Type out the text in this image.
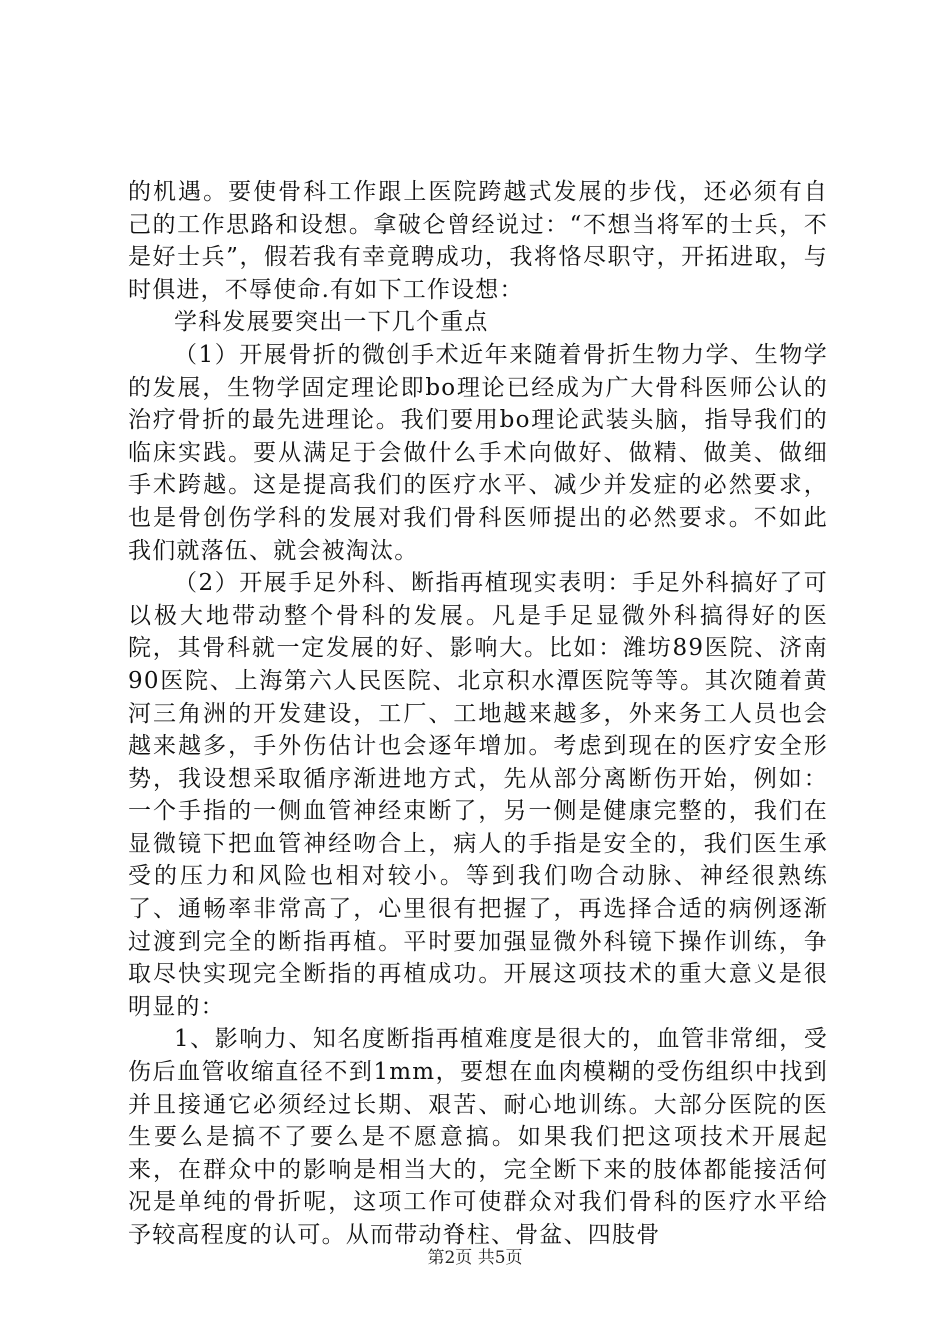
的机遇。要使骨科工作跟上医院跨越式发展的步伐，还必须有自己的工作思路和设想。拿破仑曾经说过：“不想当将军的士兵，不是好士兵”，假若我有幸竟聘成功，我将恪尽职守，开拓进取，与时俱进，不辱使命.有如下工作设想：

学科发展要突出一下几个重点

（1）开展骨折的微创手术近年来随着骨折生物力学、生物学的发展，生物学固定理论即bo理论已经成为广大骨科医师公认的治疗骨折的最先进理论。我们要用bo理论武装头脑，指导我们的临床实践。要从满足于会做什么手术向做好、做精、做美、做细手术跨越。这是提高我们的医疗水平、减少并发症的必然要求，也是骨创伤学科的发展对我们骨科医师提出的必然要求。不如此我们就落伍、就会被淘汰。

（2）开展手足外科、断指再植现实表明：手足外科搞好了可以极大地带动整个骨科的发展。凡是手足显微外科搞得好的医院，其骨科就一定发展的好、影响大。比如：潍坊89医院、济南90医院、上海第六人民医院、北京积水潭医院等等。其次随着黄河三角洲的开发建设，工厂、工地越来越多，外来务工人员也会越来越多，手外伤估计也会逐年增加。考虑到现在的医疗安全形势，我设想采取循序渐进地方式，先从部分离断伤开始，例如：一个手指的一侧血管神经束断了，另一侧是健康完整的，我们在显微镜下把血管神经吻合上，病人的手指是安全的，我们医生承受的压力和风险也相对较小。等到我们吻合动脉、神经很熟练了、通畅率非常高了，心里很有把握了，再选择合适的病例逐渐过渡到完全的断指再植。平时要加强显微外科镜下操作训练，争取尽快实现完全断指的再植成功。开展这项技术的重大意义是很明显的：

1、影响力、知名度断指再植难度是很大的，血管非常细，受伤后血管收缩直径不到1mm，要想在血肉模糊的受伤组织中找到并且接通它必须经过长期、艰苦、耐心地训练。大部分医院的医生要么是搞不了要么是不愿意搞。如果我们把这项技术开展起来，在群众中的影响是相当大的，完全断下来的肢体都能接活何况是单纯的骨折呢，这项工作可使群众对我们骨科的医疗水平给予较高程度的认可。从而带动脊柱、骨盆、四肢骨

第2页 共5页
